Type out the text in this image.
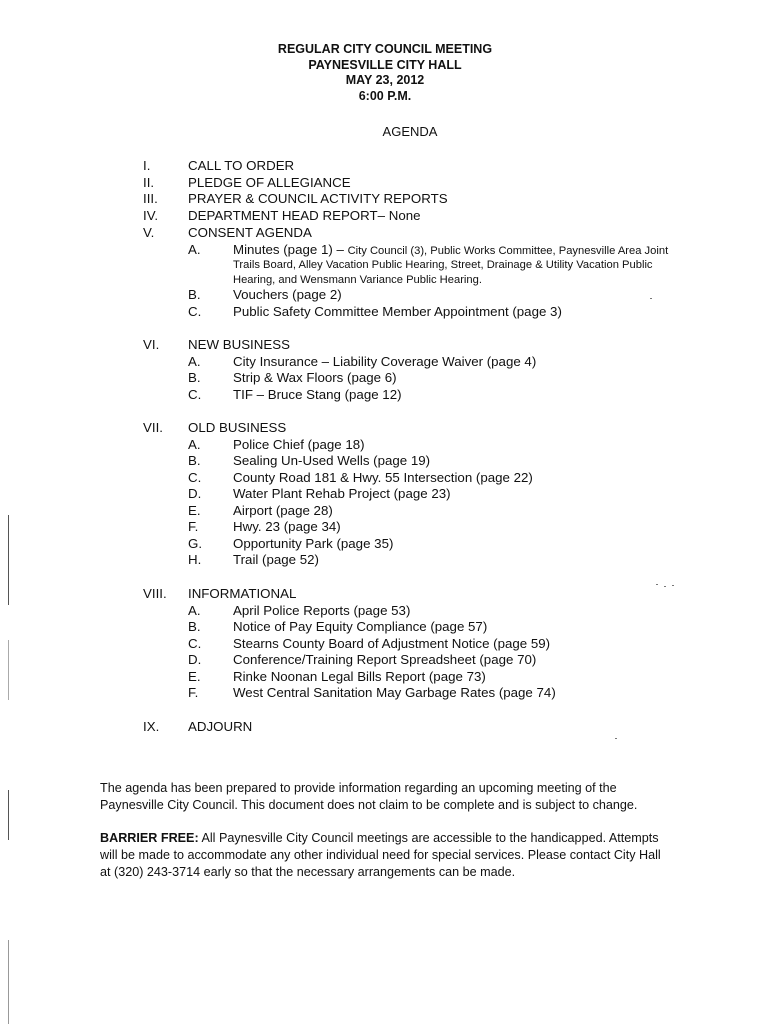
REGULAR CITY COUNCIL MEETING
PAYNESVILLE CITY HALL
MAY 23, 2012
6:00 P.M.
AGENDA
I.	CALL TO ORDER
II.	PLEDGE OF ALLEGIANCE
III.	PRAYER & COUNCIL ACTIVITY REPORTS
IV.	DEPARTMENT HEAD REPORT– None
V.	CONSENT AGENDA
A.	Minutes (page 1) – City Council (3), Public Works Committee, Paynesville Area Joint
Trails Board, Alley Vacation Public Hearing, Street, Drainage & Utility Vacation Public
Hearing, and Wensmann Variance Public Hearing.
B.	Vouchers (page 2)
C.	Public Safety Committee Member Appointment (page 3)
VI.	NEW BUSINESS
A.	City Insurance – Liability Coverage Waiver (page 4)
B.	Strip & Wax Floors (page 6)
C.	TIF – Bruce Stang (page 12)
VII.	OLD BUSINESS
A.	Police Chief (page 18)
B.	Sealing Un-Used Wells (page 19)
C.	County Road 181 & Hwy. 55 Intersection (page 22)
D.	Water Plant Rehab Project (page 23)
E.	Airport (page 28)
F.	Hwy. 23 (page 34)
G.	Opportunity Park (page 35)
H.	Trail (page 52)
VIII.	INFORMATIONAL
A.	April Police Reports (page 53)
B.	Notice of Pay Equity Compliance (page 57)
C.	Stearns County Board of Adjustment Notice (page 59)
D.	Conference/Training Report Spreadsheet (page 70)
E.	Rinke Noonan Legal Bills Report (page 73)
F.	West Central Sanitation May Garbage Rates (page 74)
IX.	ADJOURN
The agenda has been prepared to provide information regarding an upcoming meeting of the
Paynesville City Council. This document does not claim to be complete and is subject to change.
BARRIER FREE: All Paynesville City Council meetings are accessible to the handicapped. Attempts
will be made to accommodate any other individual need for special services. Please contact City Hall
at (320) 243-3714 early so that the necessary arrangements can be made.
